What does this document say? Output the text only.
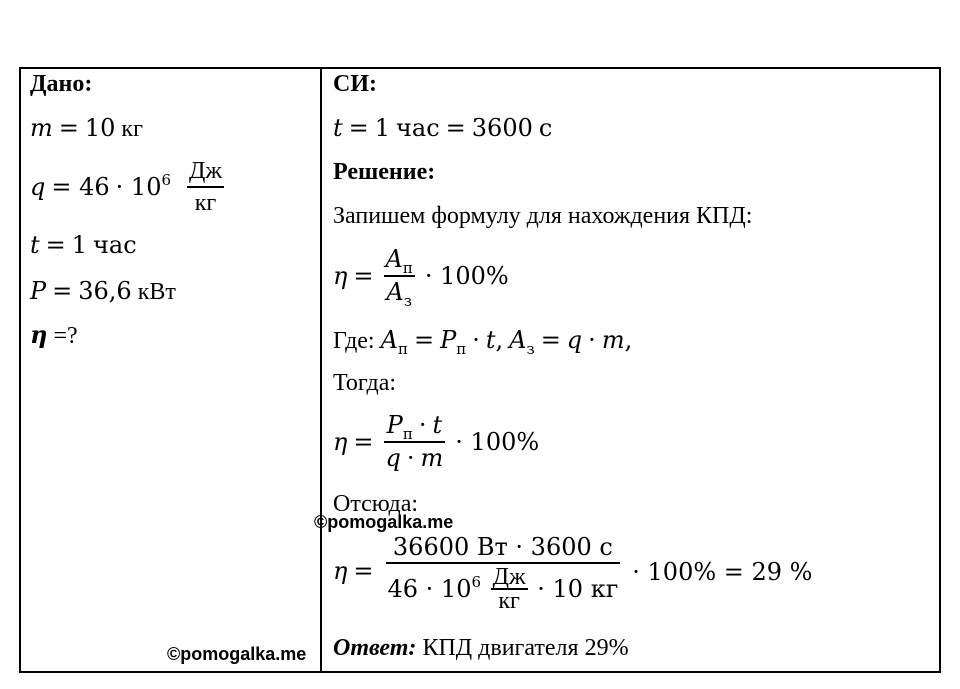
Дано:
m = 10 кг
$q = 46 \cdot 10^6 \frac{Дж}{кг}$
t = 1 час
P = 36,6 кВт
η =?
СИ:
t = 1 час = 3600 с
Решение:
Запишем формулу для нахождения КПД:
$\eta = \frac{A_п}{A_з} \cdot 100\%$
Где: $A_п = P_п \cdot t$, $A_з = q \cdot m$,
Тогда:
$\eta = \frac{P_п \cdot t}{q \cdot m} \cdot 100\%$
Отсюда:
$\eta = \frac{36600 Вт \cdot 3600 с}{46 \cdot 10^6 \frac{Дж}{кг} \cdot 10 кг} \cdot 100\% = 29$ %
Ответ: КПД двигателя 29%
©pomogalka.me
©pomogalka.me
